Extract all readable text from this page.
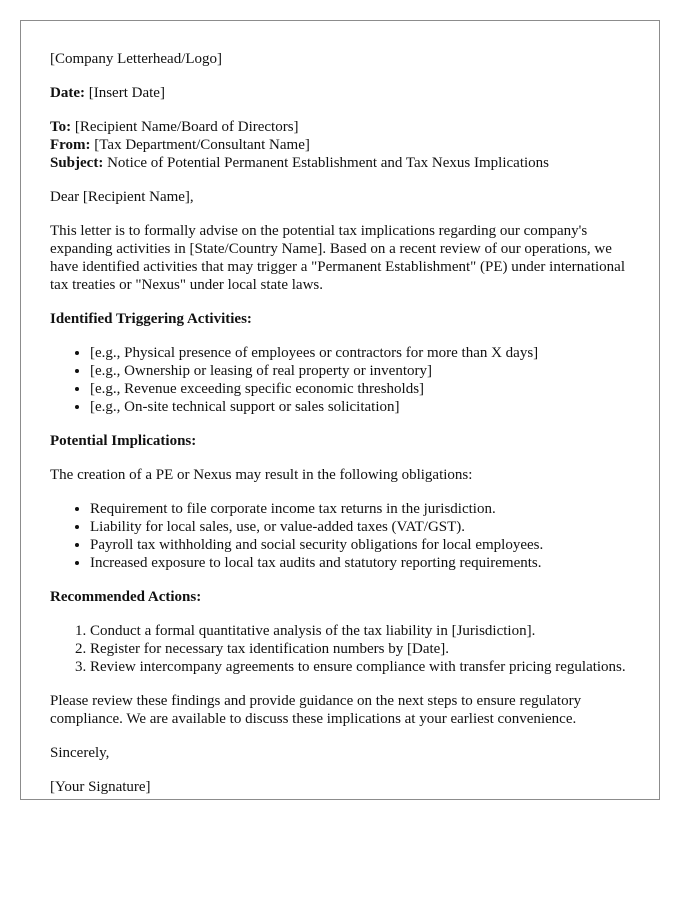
[Company Letterhead/Logo]

Date: [Insert Date]

To: [Recipient Name/Board of Directors]

From: [Tax Department/Consultant Name]

Subject: Notice of Potential Permanent Establishment and Tax Nexus Implications

Dear [Recipient Name],

This letter is to formally advise on the potential tax implications regarding our company's expanding activities in [State/Country Name]. Based on a recent review of our operations, we have identified activities that may trigger a "Permanent Establishment" (PE) under international tax treaties or "Nexus" under local state laws.

Identified Triggering Activities:

• [e.g., Physical presence of employees or contractors for more than X days]
• [e.g., Ownership or leasing of real property or inventory]
• [e.g., Revenue exceeding specific economic thresholds]
• [e.g., On-site technical support or sales solicitation]

Potential Implications:

The creation of a PE or Nexus may result in the following obligations:

• Requirement to file corporate income tax returns in the jurisdiction.
• Liability for local sales, use, or value-added taxes (VAT/GST).
• Payroll tax withholding and social security obligations for local employees.
• Increased exposure to local tax audits and statutory reporting requirements.

Recommended Actions:

1. Conduct a formal quantitative analysis of the tax liability in [Jurisdiction].
2. Register for necessary tax identification numbers by [Date].
3. Review intercompany agreements to ensure compliance with transfer pricing regulations.

Please review these findings and provide guidance on the next steps to ensure regulatory compliance. We are available to discuss these implications at your earliest convenience.

Sincerely,

[Your Signature]
